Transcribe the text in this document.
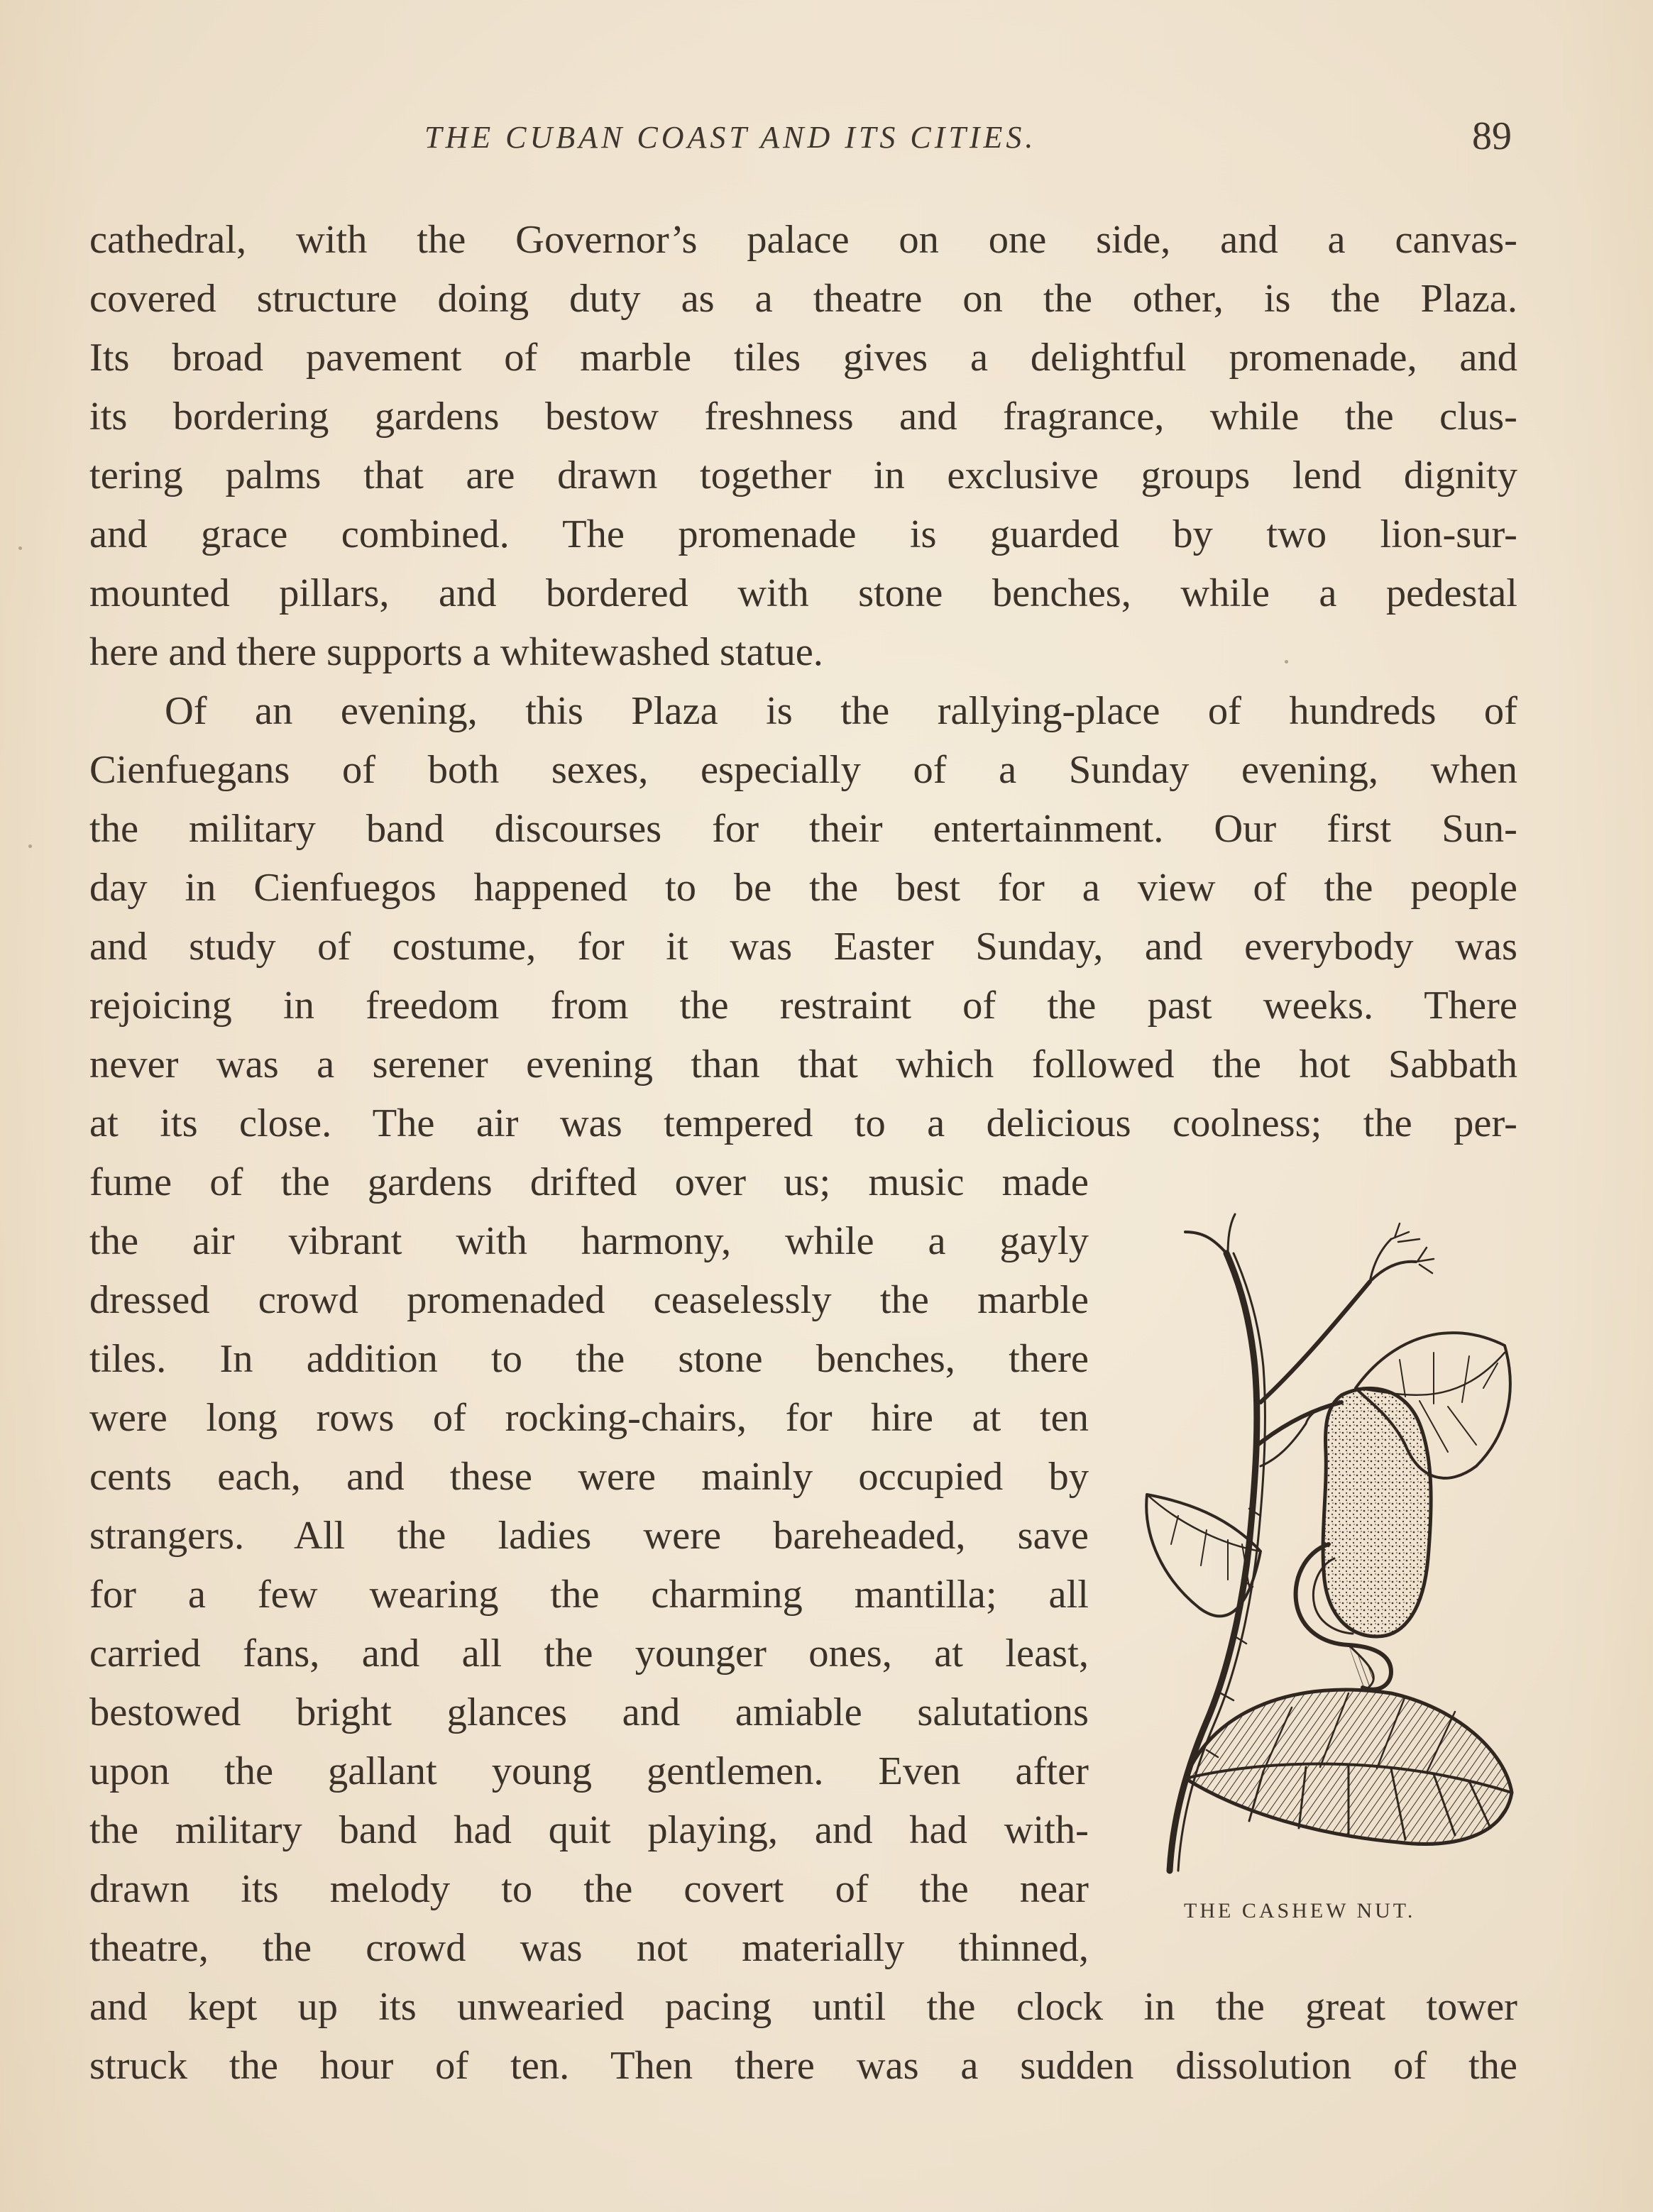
THE CUBAN COAST AND ITS CITIES.	89
cathedral, with the Governor’s palace on one side, and a canvas-
covered structure doing duty as a theatre on the other, is the Plaza.
Its broad pavement of marble tiles gives a delightful promenade, and
its bordering gardens bestow freshness and fragrance, while the clus-
tering palms that are drawn together in exclusive groups lend dignity
and grace combined. The promenade is guarded by two lion-sur-
mounted pillars, and bordered with stone benches, while a pedestal
here and there supports a whitewashed statue.
Of an evening, this Plaza is the rallying-place of hundreds of
Cienfuegans of both sexes, especially of a Sunday evening, when
the military band discourses for their entertainment. Our first Sun-
day in Cienfuegos happened to be the best for a view of the people
and study of costume, for it was Easter Sunday, and everybody was
rejoicing in freedom from the restraint of the past weeks. There
never was a serener evening than that which followed the hot Sabbath
at its close. The air was tempered to a delicious coolness; the per-
fume of the gardens drifted over us; music made
the air vibrant with harmony, while a gayly
dressed crowd promenaded ceaselessly the marble
tiles. In addition to the stone benches, there
were long rows of rocking-chairs, for hire at ten
cents each, and these were mainly occupied by
strangers. All the ladies were bareheaded, save
for a few wearing the charming mantilla; all
carried fans, and all the younger ones, at least,
bestowed bright glances and amiable salutations
upon the gallant young gentlemen. Even after
the military band had quit playing, and had with-
drawn its melody to the covert of the near
theatre, the crowd was not materially thinned,
and kept up its unwearied pacing until the clock in the great tower
struck the hour of ten. Then there was a sudden dissolution of the
THE CASHEW NUT.
